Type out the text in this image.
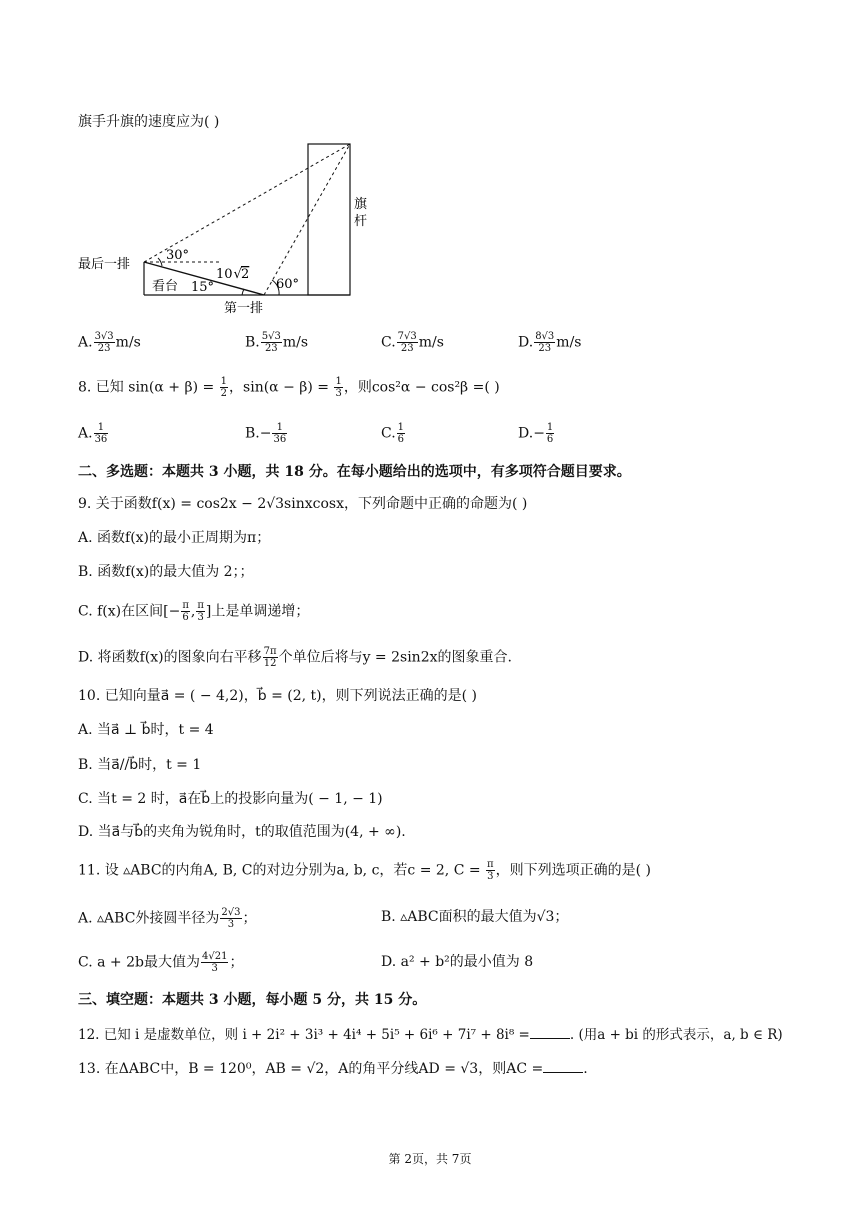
旗手升旗的速度应为( )
30°
10√ 2
15°	60°
最后一排
看台
第一排
旗
杆
A. $\frac{3√3}{23} m/s$	B. $\frac{5√3}{23} m/s$	C. $\frac{7√3}{23} m/s$	D. $\frac{8√3}{23} m/s$
8. 已知 $\sin(\alpha + \beta) = \frac{1}{2}$ ，$\sin(\alpha - \beta) = \frac{1}{3}$ ，则cos²α − cos²β =( )
A. $\frac{1}{36}$	$B.- \frac{1}{36}$	C. $\frac{1}{6}$	$D.- \frac{1}{6}$
二、多选题：本题共 3 小题，共 18 分。在每小题给出的选项中，有多项符合题目要求。
9. 关于函数f(x) = cos2x − 2√3sinxcosx，下列命题中正确的命题为( )
A. 函数f(x)的最小正周期为π；
B. 函数f(x)的最大值为 2；；
C. f(x)在区间[− $\frac{\pi}{6}$ , $\frac{\pi}{3}$ ]上是单调递增；
D. 将函数f(x)的图象向右平移 $\frac{7\pi}{12}$ 个单位后将与y = 2sin2x的图象重合.
10. 已知向量a⃗ = ( − 4,2)，b⃗ = (2, t)，则下列说法正确的是( )
A. 当a⃗ ⊥ b⃗时，t = 4
B. 当a⃗//b⃗时，t = 1
C. 当t = 2 时，a⃗在b⃗上的投影向量为( − 1, − 1)
D. 当a⃗与b⃗的夹角为锐角时，t的取值范围为(4, + ∞).
11. 设 ▵ABC的内角A, B, C的对边分别为a, b, c，若c = 2, $C = \frac{\pi}{3}$ ，则下列选项正确的是( )
A. ▵ABC外接圆半径为 $\frac{2√3}{3}$ ；	B. ▵ABC面积的最大值为√3；
C. a + 2b最大值为 $\frac{4√21}{3}$ ；	D. a² + b²的最小值为 8
三、填空题：本题共 3 小题，每小题 5 分，共 15 分。
12. 已知 i 是虚数单位，则 i + 2i² + 3i³ + 4i⁴ + 5i⁵ + 6i⁶ + 7i⁷ + 8i⁸ =	. (用a + bi 的形式表示，a, b ∈ R)
13. 在ΔABC中，B = 120⁰，AB = √2，A的角平分线AD = √3，则AC =	.
第 2页，共 7页
